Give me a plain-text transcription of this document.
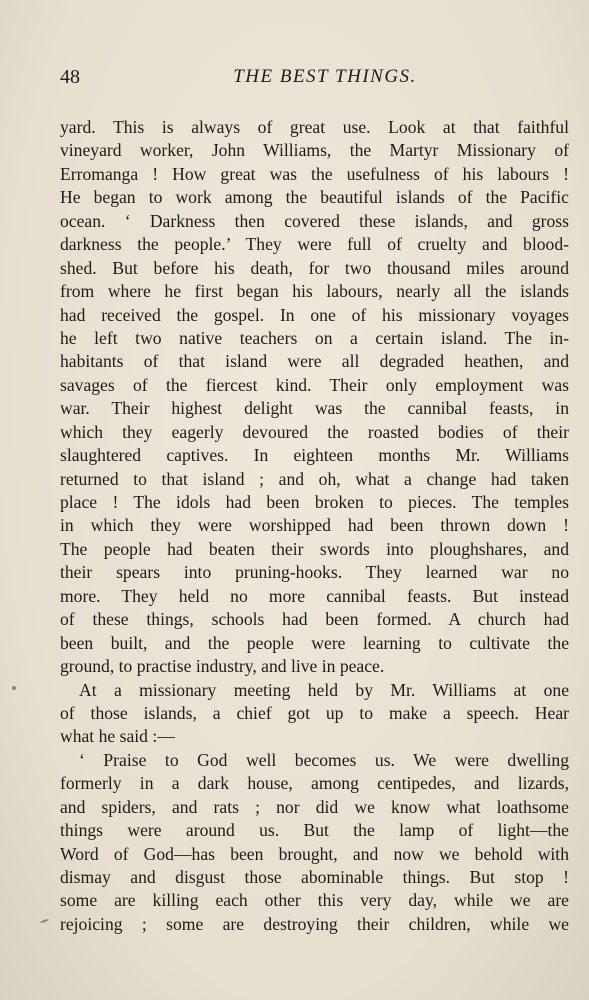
48	THE BEST THINGS.
yard. This is always of great use. Look at that faithful
vineyard worker, John Williams, the Martyr Missionary of
Erromanga ! How great was the usefulness of his labours !
He began to work among the beautiful islands of the Pacific
ocean. ‘ Darkness then covered these islands, and gross
darkness the people.’ They were full of cruelty and blood-
shed. But before his death, for two thousand miles around
from where he first began his labours, nearly all the islands
had received the gospel. In one of his missionary voyages
he left two native teachers on a certain island. The in-
habitants of that island were all degraded heathen, and
savages of the fiercest kind. Their only employment was
war. Their highest delight was the cannibal feasts, in
which they eagerly devoured the roasted bodies of their
slaughtered captives. In eighteen months Mr. Williams
returned to that island ; and oh, what a change had taken
place ! The idols had been broken to pieces. The temples
in which they were worshipped had been thrown down !
The people had beaten their swords into ploughshares, and
their spears into pruning-hooks. They learned war no
more. They held no more cannibal feasts. But instead
of these things, schools had been formed. A church had
been built, and the people were learning to cultivate the
ground, to practise industry, and live in peace.
At a missionary meeting held by Mr. Williams at one
of those islands, a chief got up to make a speech. Hear
what he said :—
‘ Praise to God well becomes us. We were dwelling
formerly in a dark house, among centipedes, and lizards,
and spiders, and rats ; nor did we know what loathsome
things were around us. But the lamp of light—the
Word of God—has been brought, and now we behold with
dismay and disgust those abominable things. But stop !
some are killing each other this very day, while we are
rejoicing ; some are destroying their children, while we
